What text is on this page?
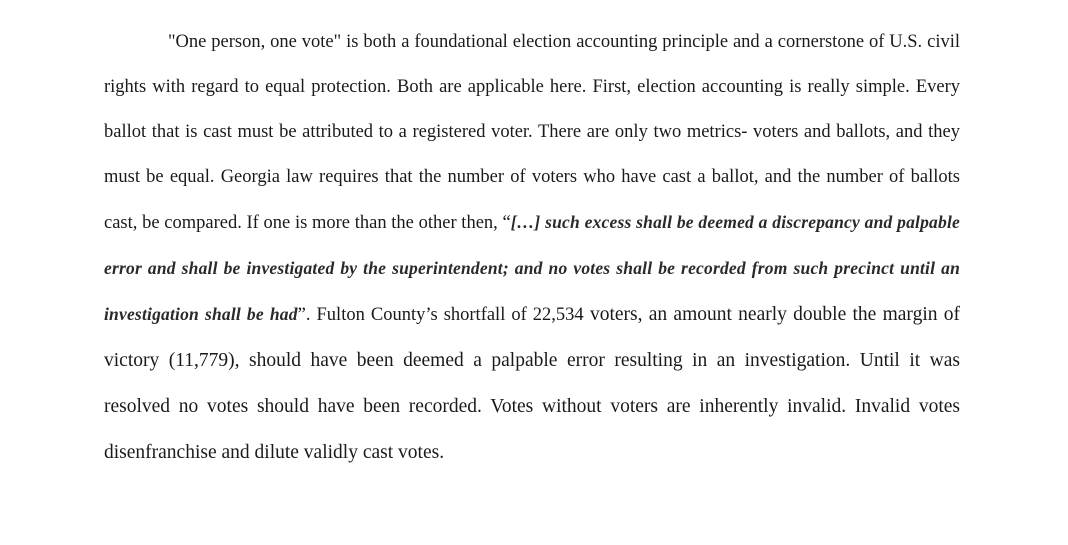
"One person, one vote" is both a foundational election accounting principle and a cornerstone of U.S. civil rights with regard to equal protection. Both are applicable here. First, election accounting is really simple. Every ballot that is cast must be attributed to a registered voter. There are only two metrics- voters and ballots, and they must be equal. Georgia law requires that the number of voters who have cast a ballot, and the number of ballots cast, be compared. If one is more than the other then, “[…] such excess shall be deemed a discrepancy and palpable error and shall be investigated by the superintendent; and no votes shall be recorded from such precinct until an investigation shall be had”. Fulton County’s shortfall of 22,534 voters, an amount nearly double the margin of victory (11,779), should have been deemed a palpable error resulting in an investigation. Until it was resolved no votes should have been recorded. Votes without voters are inherently invalid. Invalid votes disenfranchise and dilute validly cast votes.
